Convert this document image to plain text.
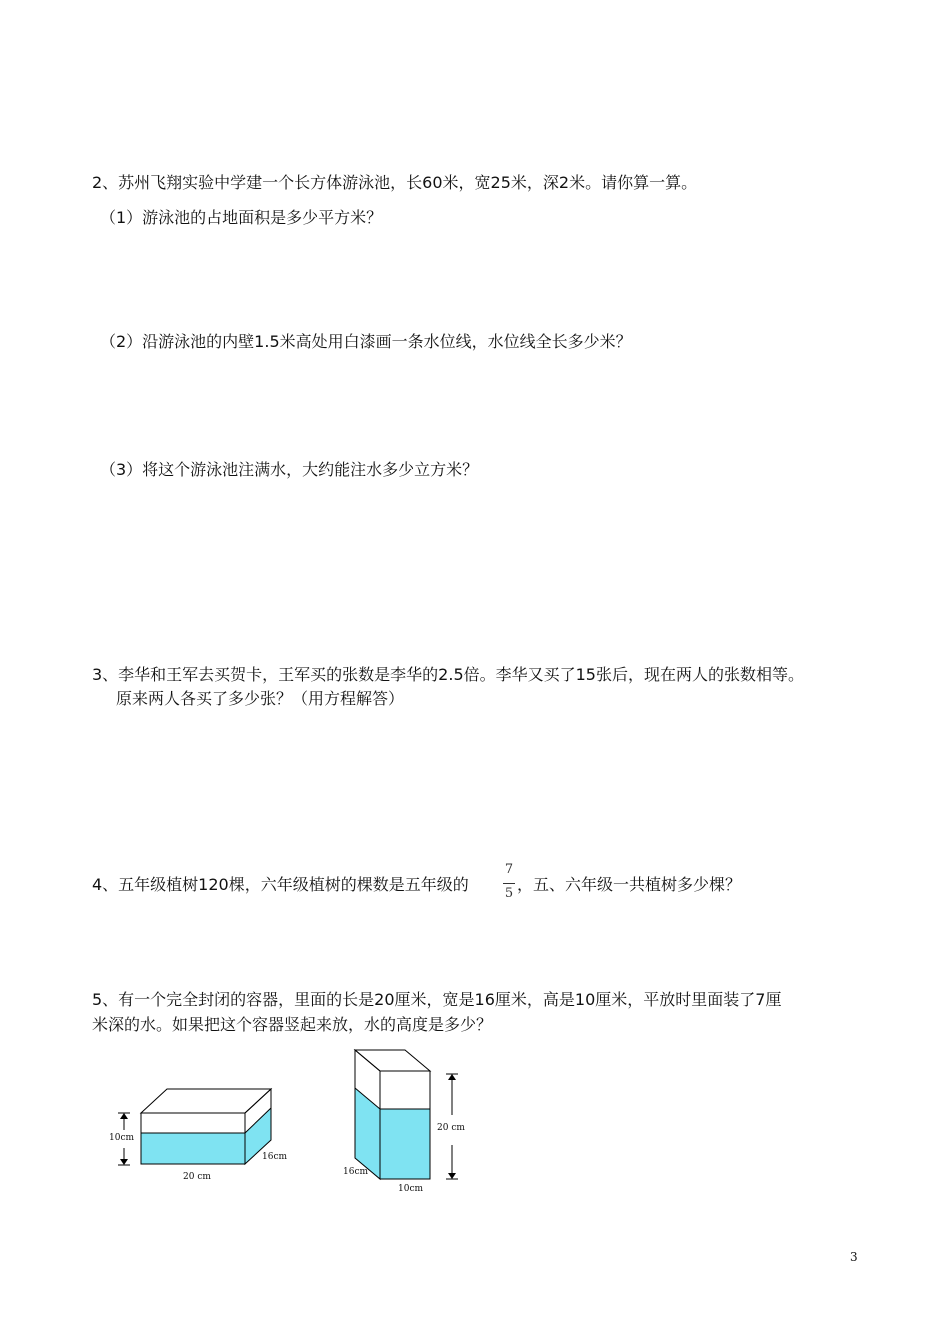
2、苏州飞翔实验中学建一个长方体游泳池，长60米，宽25米，深2米。请你算一算。
（1）游泳池的占地面积是多少平方米？
（2）沿游泳池的内壁1.5米高处用白漆画一条水位线，水位线全长多少米？
（3）将这个游泳池注满水，大约能注水多少立方米？
3、李华和王军去买贺卡，王军买的张数是李华的2.5倍。李华又买了15张后，现在两人的张数相等。
原来两人各买了多少张？（用方程解答）
4、五年级植树120棵，六年级植树的棵数是五年级的
7
5 ，五、六年级一共植树多少棵？
5、有一个完全封闭的容器，里面的长是20厘米，宽是16厘米，高是10厘米，平放时里面装了7厘
米深的水。如果把这个容器竖起来放，水的高度是多少？
10cm
20 cm
16cm
20 cm
16cm
10cm
3
